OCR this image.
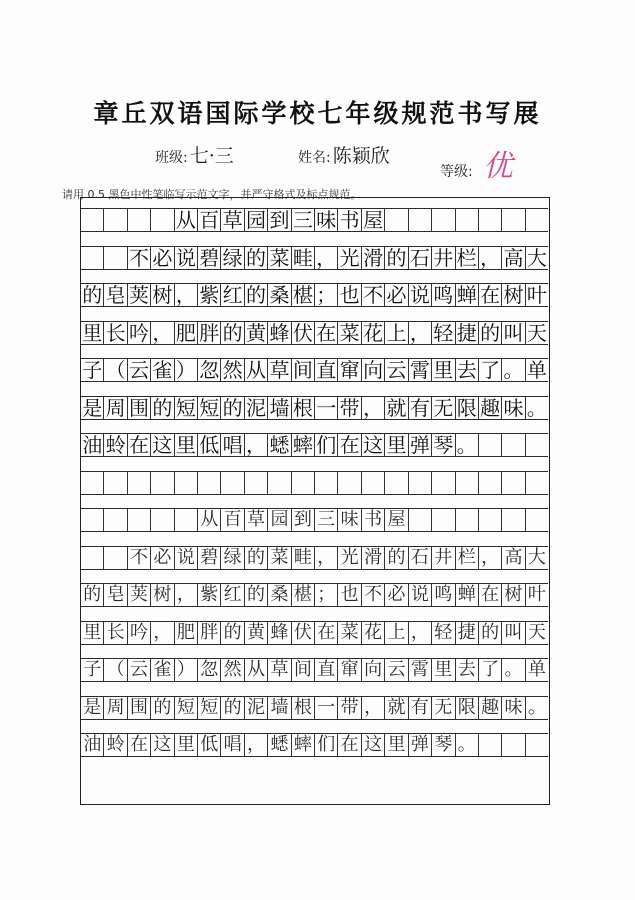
章丘双语国际学校七年级规范书写展
班级: 七·三	姓名: 陈颖欣
等级: 优
请用 0.5 黑色中性笔临写示范文字，并严守格式及标点规范。
从 百 草 园 到 三 味 书 屋
不 必 说 碧 绿 的 菜 畦 ， 光 滑 的 石 井 栏 ， 高 大
的 皂 荚 树 ， 紫 红 的 桑 椹 ； 也 不 必 说 鸣 蝉 在 树 叶
里 长 吟 ， 肥 胖 的 黄 蜂 伏 在 菜 花 上 ， 轻 捷 的 叫 天
子 （ 云 雀 ） 忽 然 从 草 间 直 窜 向 云 霄 里 去 了 。 单
是 周 围 的 短 短 的 泥 墙 根 一 带 ， 就 有 无 限 趣 味 。
油 蛉 在 这 里 低 唱 ， 蟋 蟀 们 在 这 里 弹 琴 。
从 百 草 园 到 三 味 书 屋
不 必 说 碧 绿 的 菜 畦 ， 光 滑 的 石 井 栏 ， 高 大
的 皂 荚 树 ， 紫 红 的 桑 椹 ； 也 不 必 说 鸣 蝉 在 树 叶
里 长 吟 ， 肥 胖 的 黄 蜂 伏 在 菜 花 上 ， 轻 捷 的 叫 天
子 （ 云 雀 ） 忽 然 从 草 间 直 窜 向 云 霄 里 去 了 。 单
是 周 围 的 短 短 的 泥 墙 根 一 带 ， 就 有 无 限 趣 味 。
油 蛉 在 这 里 低 唱 ， 蟋 蟀 们 在 这 里 弹 琴 。
